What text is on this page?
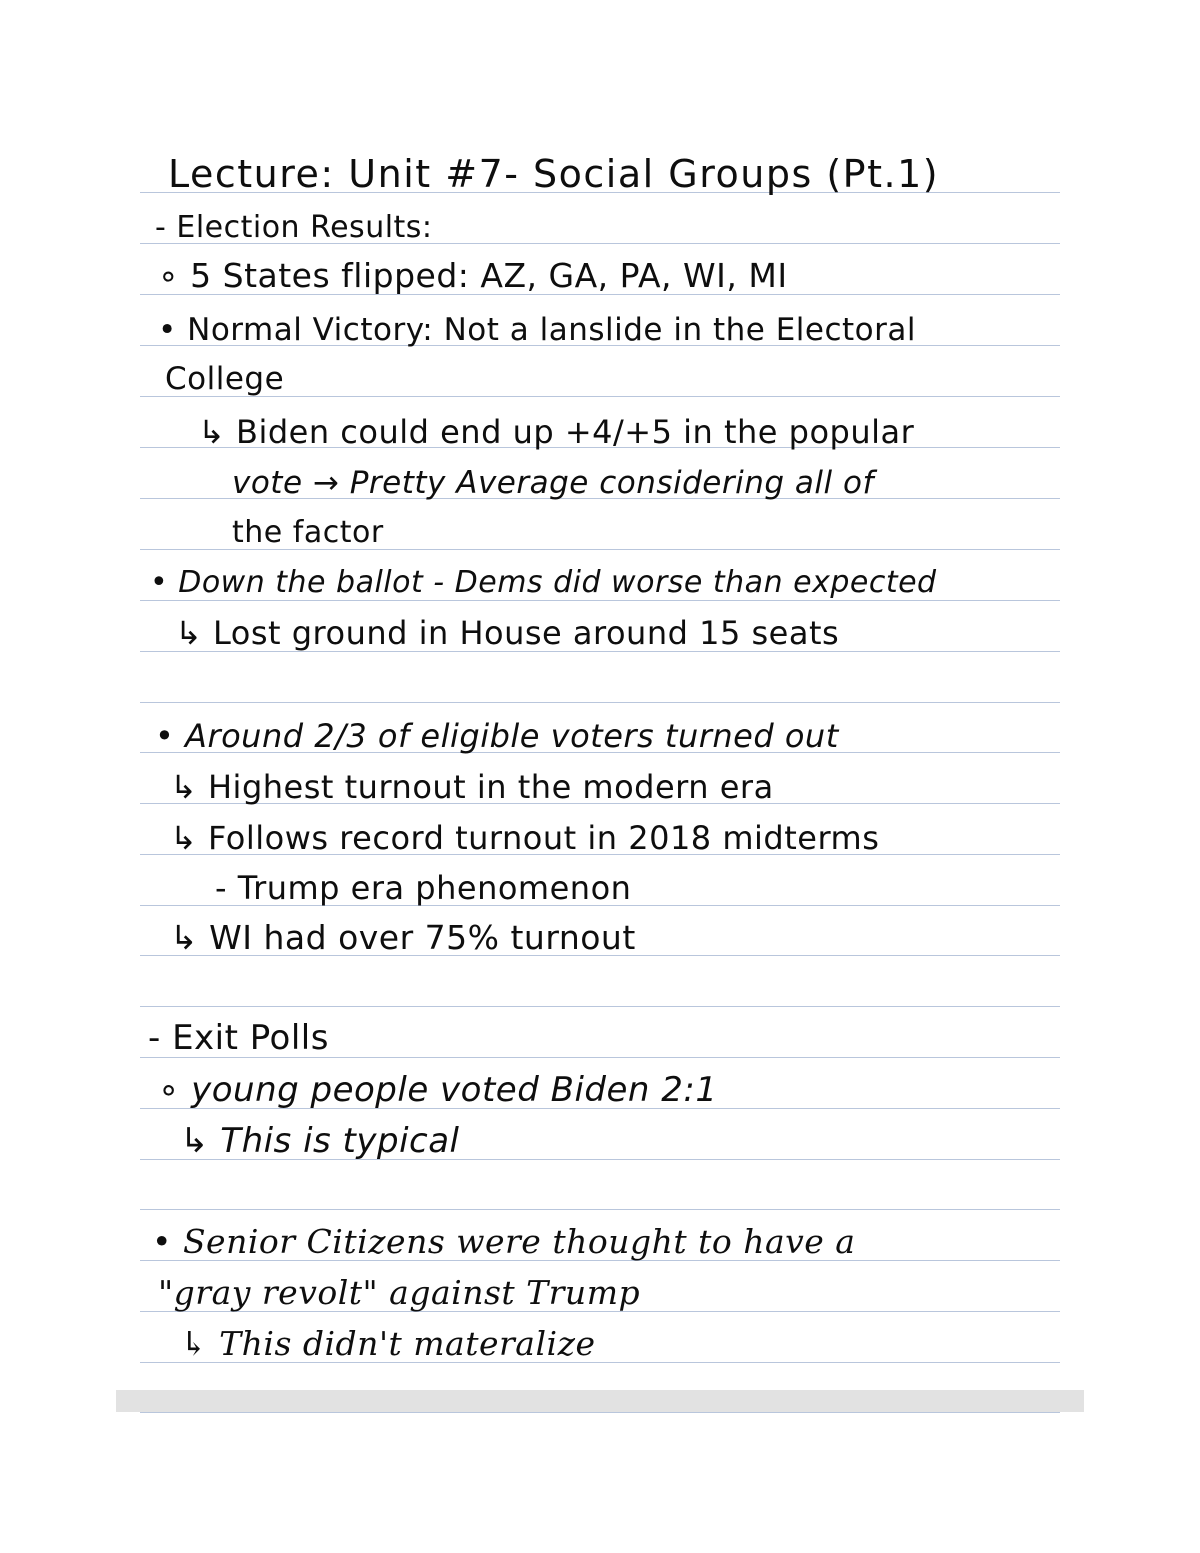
Lecture: Unit #7- Social Groups (Pt.1)
- Election Results:
∘ 5 States flipped: AZ, GA, PA, WI, MI
• Normal Victory: Not a lanslide in the Electoral
College
↳ Biden could end up +4/+5 in the popular
vote → Pretty Average considering all of
the factor
• Down the ballot - Dems did worse than expected
↳ Lost ground in House around 15 seats
• Around 2/3 of eligible voters turned out
↳ Highest turnout in the modern era
↳ Follows record turnout in 2018 midterms
- Trump era phenomenon
↳ WI had over 75% turnout
- Exit Polls
∘ young people voted Biden 2:1
↳ This is typical
• Senior Citizens were thought to have a
"gray revolt" against Trump
↳ This didn't materalize
